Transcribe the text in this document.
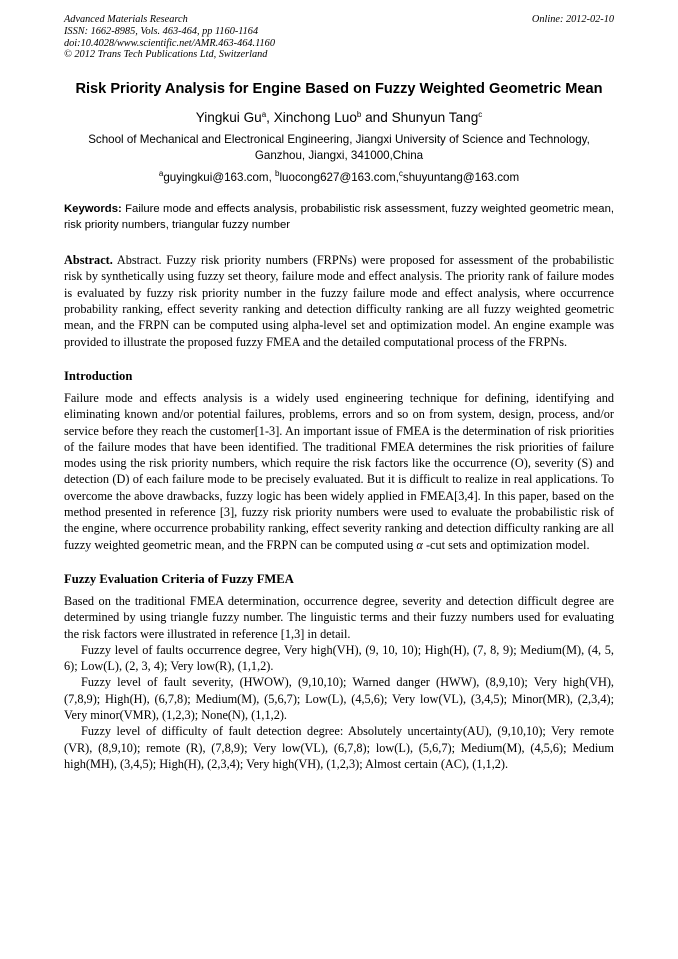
Advanced Materials Research
ISSN: 1662-8985, Vols. 463-464, pp 1160-1164
doi:10.4028/www.scientific.net/AMR.463-464.1160
© 2012 Trans Tech Publications Ltd, Switzerland
Online: 2012-02-10
Risk Priority Analysis for Engine Based on Fuzzy Weighted Geometric Mean
Yingkui Gu$^a$, Xinchong Luo$^b$ and Shunyun Tang$^c$
School of Mechanical and Electronical Engineering, Jiangxi University of Science and Technology, Ganzhou, Jiangxi, 341000,China
$^a$guyingkui@163.com, $^b$luocong627@163.com,$^c$shuyuntang@163.com
Keywords: Failure mode and effects analysis, probabilistic risk assessment, fuzzy weighted geometric mean, risk priority numbers, triangular fuzzy number
Abstract. Abstract. Fuzzy risk priority numbers (FRPNs) were proposed for assessment of the probabilistic risk by synthetically using fuzzy set theory, failure mode and effect analysis. The priority rank of failure modes is evaluated by fuzzy risk priority number in the fuzzy failure mode and effect analysis, where occurrence probability ranking, effect severity ranking and detection difficulty ranking are all fuzzy weighted geometric mean, and the FRPN can be computed using alpha-level set and optimization model. An engine example was provided to illustrate the proposed fuzzy FMEA and the detailed computational process of the FRPNs.
Introduction

Failure mode and effects analysis is a widely used engineering technique for defining, identifying and eliminating known and/or potential failures, problems, errors and so on from system, design, process, and/or service before they reach the customer[1-3]. An important issue of FMEA is the determination of risk priorities of the failure modes that have been identified. The traditional FMEA determines the risk priorities of failure modes using the risk priority numbers, which require the risk factors like the occurrence (O), severity (S) and detection (D) of each failure mode to be precisely evaluated. But it is difficult to realize in real applications. To overcome the above drawbacks, fuzzy logic has been widely applied in FMEA[3,4]. In this paper, based on the method presented in reference [3], fuzzy risk priority numbers were used to evaluate the probabilistic risk of the engine, where occurrence probability ranking, effect severity ranking and detection difficulty ranking are all fuzzy weighted geometric mean, and the FRPN can be computed using α -cut sets and optimization model.

Fuzzy Evaluation Criteria of Fuzzy FMEA

Based on the traditional FMEA determination, occurrence degree, severity and detection difficult degree are determined by using triangle fuzzy number. The linguistic terms and their fuzzy numbers used for evaluating the risk factors were illustrated in reference [1,3] in detail.

Fuzzy level of faults occurrence degree, Very high(VH), (9, 10, 10); High(H), (7, 8, 9); Medium(M), (4, 5, 6); Low(L), (2, 3, 4); Very low(R), (1,1,2).

Fuzzy level of fault severity, (HWOW), (9,10,10); Warned danger (HWW), (8,9,10); Very high(VH), (7,8,9); High(H), (6,7,8); Medium(M), (5,6,7); Low(L), (4,5,6); Very low(VL), (3,4,5); Minor(MR), (2,3,4); Very minor(VMR), (1,2,3); None(N), (1,1,2).

Fuzzy level of difficulty of fault detection degree: Absolutely uncertainty(AU), (9,10,10); Very remote (VR), (8,9,10); remote (R), (7,8,9); Very low(VL), (6,7,8); low(L), (5,6,7); Medium(M), (4,5,6); Medium high(MH), (3,4,5); High(H), (2,3,4); Very high(VH), (1,2,3); Almost certain (AC), (1,1,2).
